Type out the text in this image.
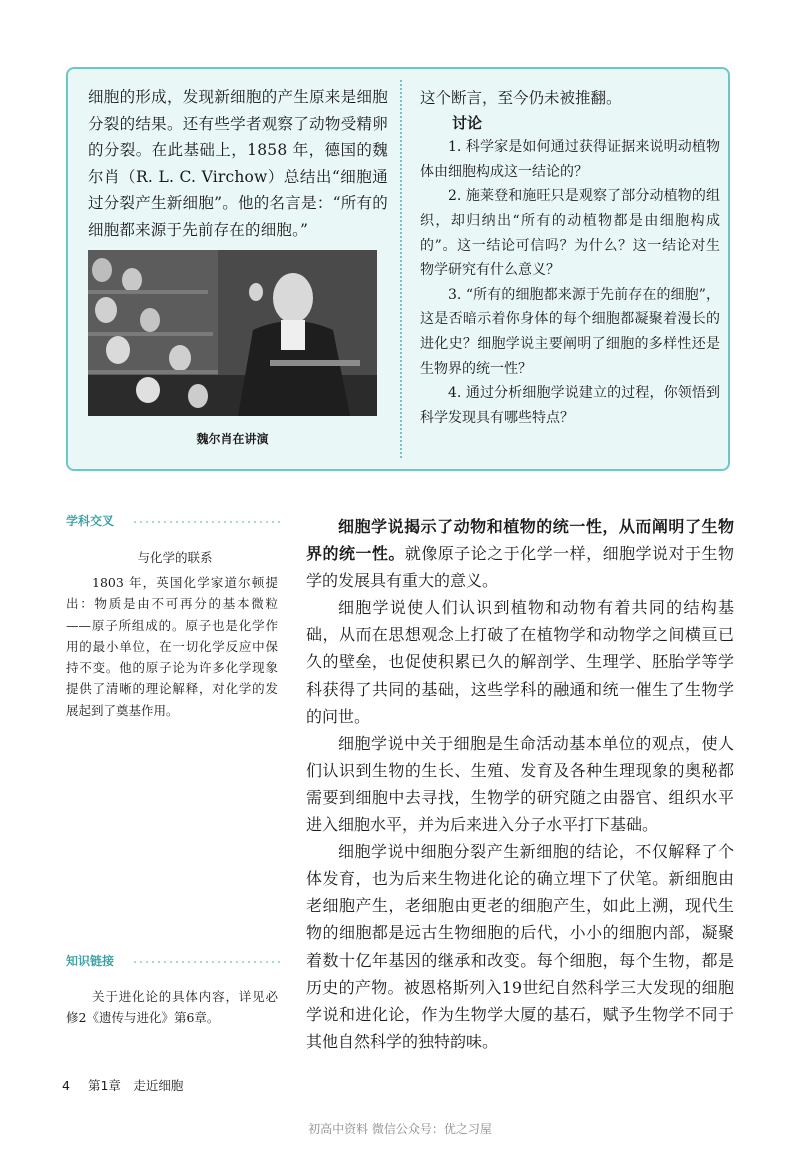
细胞的形成，发现新细胞的产生原来是细胞分裂的结果。还有些学者观察了动物受精卵的分裂。在此基础上，1858 年，德国的魏尔肖（R. L. C. Virchow）总结出“细胞通过分裂产生新细胞”。他的名言是：“所有的细胞都来源于先前存在的细胞。”

魏尔肖在讲演

这个断言，至今仍未被推翻。

讨论

1. 科学家是如何通过获得证据来说明动植物体由细胞构成这一结论的？

2. 施莱登和施旺只是观察了部分动植物的组织，却归纳出“所有的动植物都是由细胞构成的”。这一结论可信吗？为什么？这一结论对生物学研究有什么意义？

3. “所有的细胞都来源于先前存在的细胞”，这是否暗示着你身体的每个细胞都凝聚着漫长的进化史？细胞学说主要阐明了细胞的多样性还是生物界的统一性？

4. 通过分析细胞学说建立的过程，你领悟到科学发现具有哪些特点？

学科交叉
与化学的联系

1803 年，英国化学家道尔顿提出：物质是由不可再分的基本微粒——原子所组成的。原子也是化学作用的最小单位，在一切化学反应中保持不变。他的原子论为许多化学现象提供了清晰的理论解释，对化学的发展起到了奠基作用。

知识链接

关于进化论的具体内容，详见必修2《遗传与进化》第6章。

细胞学说揭示了动物和植物的统一性，从而阐明了生物界的统一性。就像原子论之于化学一样，细胞学说对于生物学的发展具有重大的意义。

细胞学说使人们认识到植物和动物有着共同的结构基础，从而在思想观念上打破了在植物学和动物学之间横亘已久的壁垒，也促使积累已久的解剖学、生理学、胚胎学等学科获得了共同的基础，这些学科的融通和统一催生了生物学的问世。

细胞学说中关于细胞是生命活动基本单位的观点，使人们认识到生物的生长、生殖、发育及各种生理现象的奥秘都需要到细胞中去寻找，生物学的研究随之由器官、组织水平进入细胞水平，并为后来进入分子水平打下基础。

细胞学说中细胞分裂产生新细胞的结论，不仅解释了个体发育，也为后来生物进化论的确立埋下了伏笔。新细胞由老细胞产生，老细胞由更老的细胞产生，如此上溯，现代生物的细胞都是远古生物细胞的后代，小小的细胞内部，凝聚着数十亿年基因的继承和改变。每个细胞，每个生物，都是历史的产物。被恩格斯列入19世纪自然科学三大发现的细胞学说和进化论，作为生物学大厦的基石，赋予生物学不同于其他自然科学的独特韵味。

4 第1章　走近细胞
初高中资料 微信公众号：优之习屋
